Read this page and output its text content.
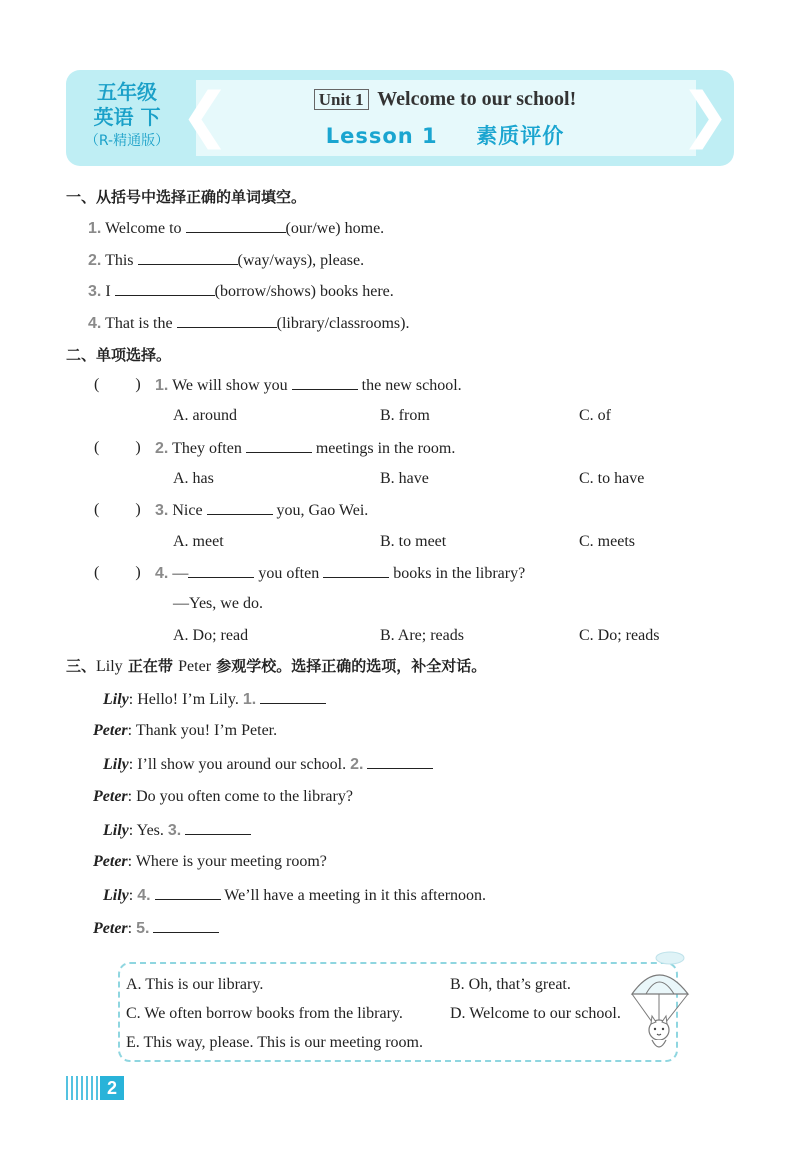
❮	❯
五年级
英语 下
（R-精通版）
Unit 1 Welcome to our school!
Lesson 1 素质评价
一、从括号中选择正确的单词填空。
1. Welcome to	(our/we) home.
2. This	(way/ways), please.
3. I	(borrow/shows) books here.
4. That is the	(library/classrooms).
二、单项选择。
( ) 1. We will show you	the new school.
A. around	B. from	C. of
( ) 2. They often	meetings in the room.
A. has	B. have	C. to have
( ) 3. Nice	you, Gao Wei.
A. meet	B. to meet	C. meets
( ) 4. —	you often	books in the library?
—Yes, we do.
A. Do; read	B. Are; reads	C. Do; reads
三、Lily 正在带 Peter 参观学校。选择正确的选项，补全对话。
Lily: Hello! I’m Lily. 1.
Peter: Thank you! I’m Peter.
Lily: I’ll show you around our school. 2.
Peter: Do you often come to the library?
Lily: Yes. 3.
Peter: Where is your meeting room?
Lily: 4.	We’ll have a meeting in it this afternoon.
Peter: 5.
A. This is our library.	B. Oh, that’s great.
C. We often borrow books from the library.	D. Welcome to our school.
E. This way, please. This is our meeting room.
2
